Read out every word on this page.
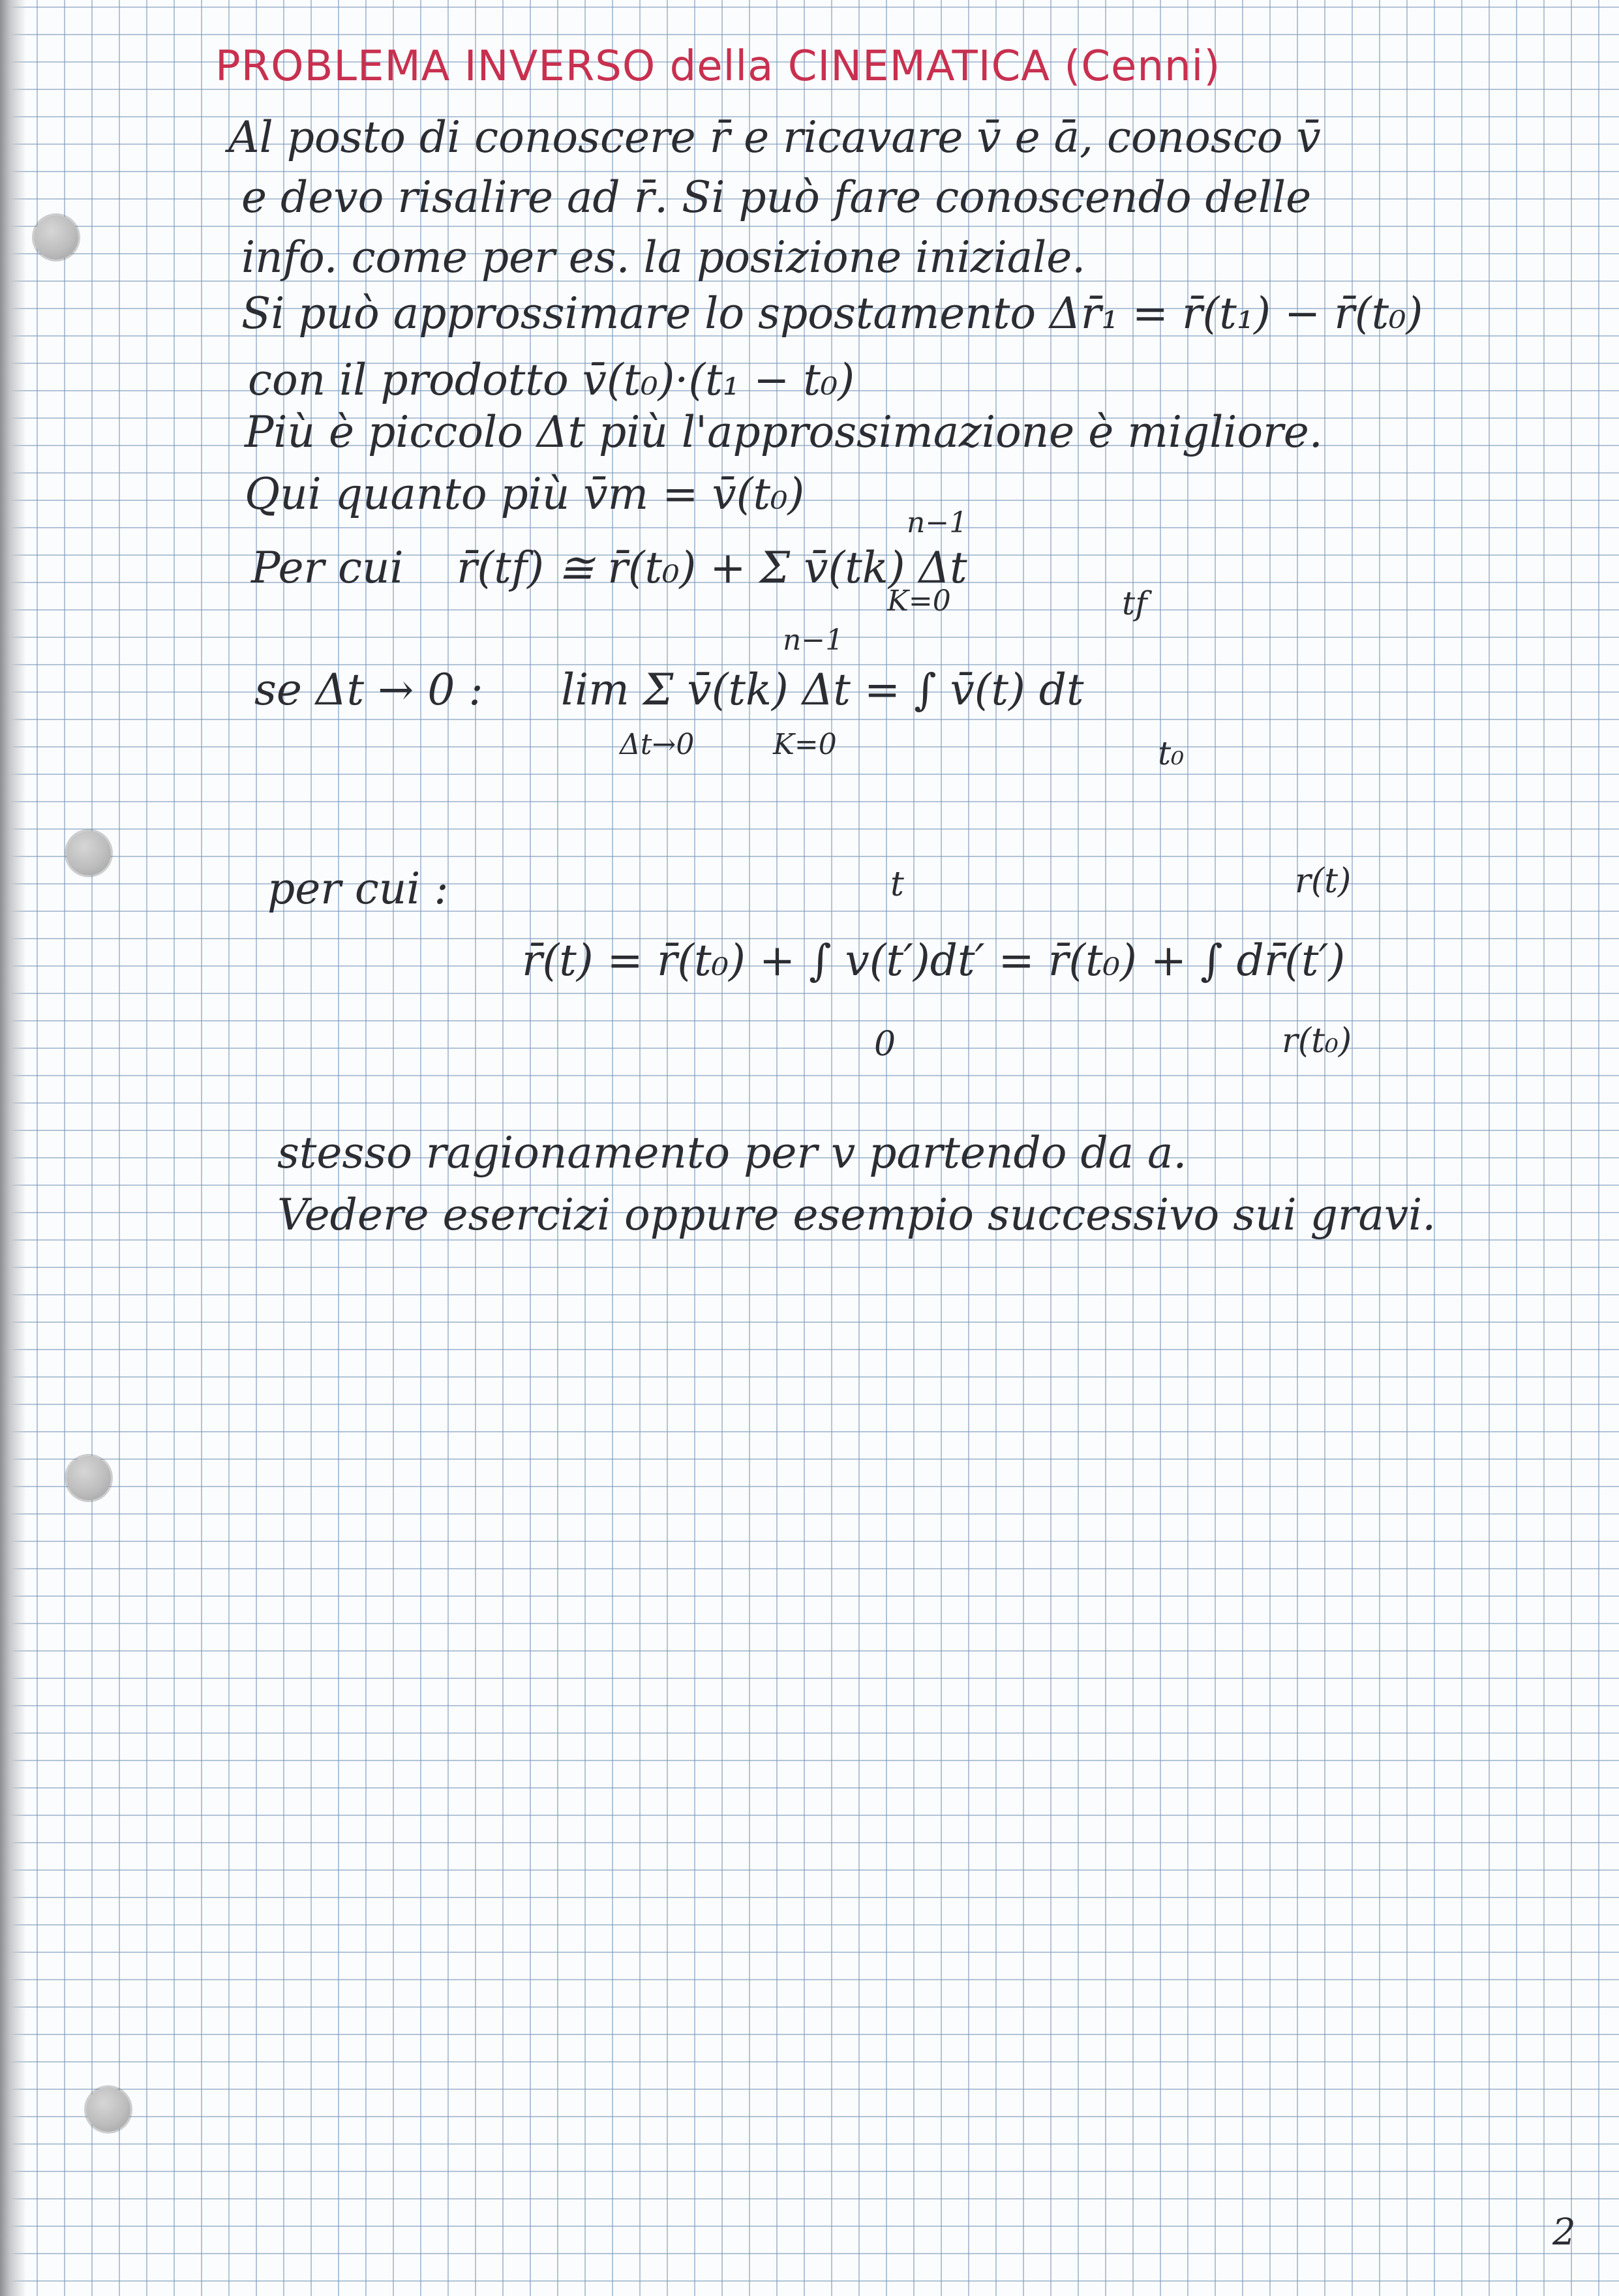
PROBLEMA INVERSO della CINEMATICA (Cenni)
Al posto di conoscere r̄ e ricavare v̄ e ā, conosco v̄
e devo risalire ad r̄. Si può fare conoscendo delle
info. come per es. la posizione iniziale.
Si può approssimare lo spostamento Δr̄₁ = r̄(t₁) − r̄(t₀)
con il prodotto v̄(t₀)·(t₁ − t₀)
Più è piccolo Δt più l'approssimazione è migliore.
Qui quanto più v̄m = v̄(t₀)
n−1
Per cui r̄(tf) ≅ r̄(t₀) + Σ v̄(tk) Δt
K=0	tf
n−1
se Δt → 0 : lim Σ v̄(tk) Δt = ∫ v̄(t) dt
Δt→0	K=0	t₀
per cui :	t	r(t)
r̄(t) = r̄(t₀) + ∫ v(t′)dt′ = r̄(t₀) + ∫ dr̄(t′)
0	r(t₀)
stesso ragionamento per v partendo da a.
Vedere esercizi oppure esempio successivo sui gravi.
2
